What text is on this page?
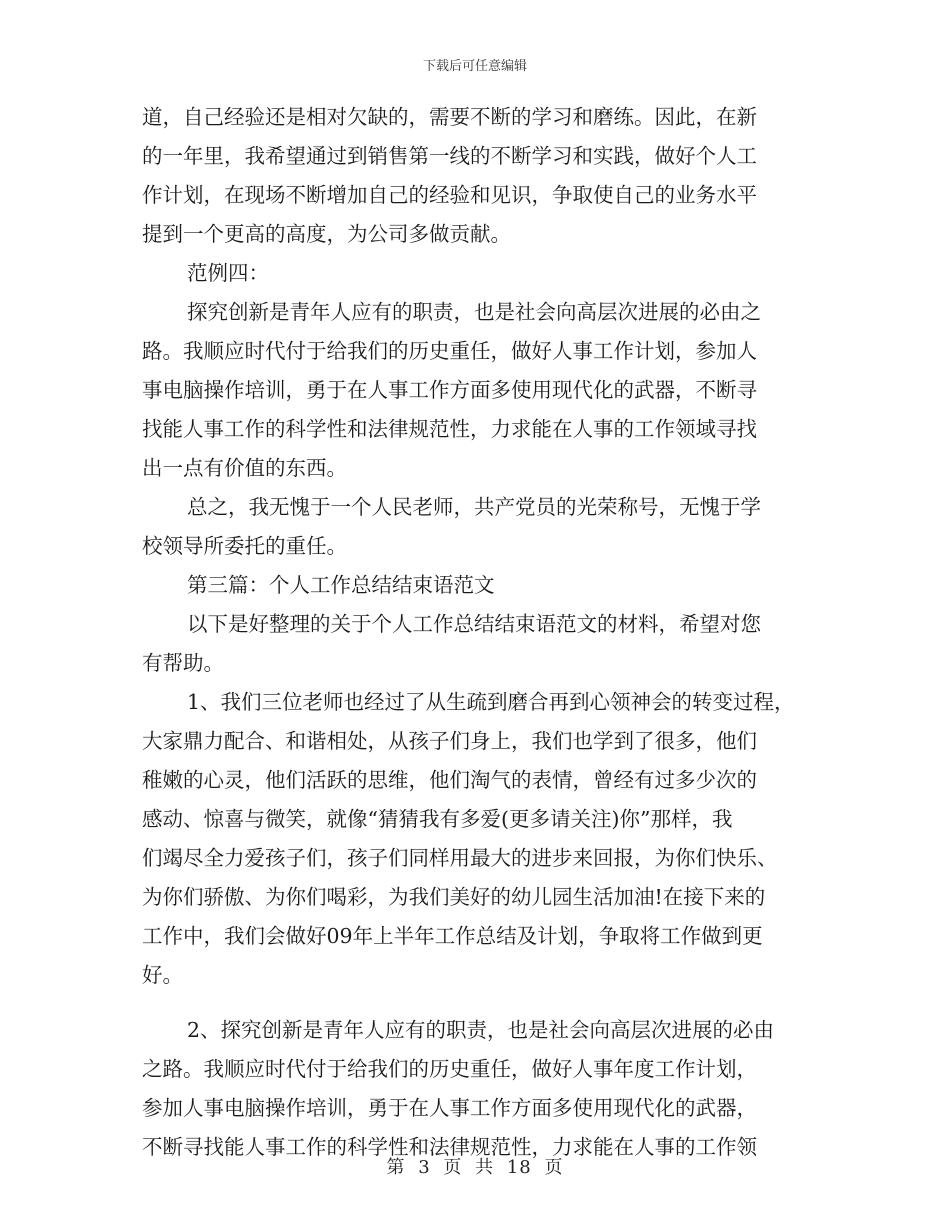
下载后可任意编辑
道，自己经验还是相对欠缺的，需要不断的学习和磨练。因此，在新
的一年里，我希望通过到销售第一线的不断学习和实践，做好个人工
作计划，在现场不断增加自己的经验和见识，争取使自己的业务水平
提到一个更高的高度，为公司多做贡献。
范例四：
探究创新是青年人应有的职责，也是社会向高层次进展的必由之
路。我顺应时代付于给我们的历史重任，做好人事工作计划，参加人
事电脑操作培训，勇于在人事工作方面多使用现代化的武器，不断寻
找能人事工作的科学性和法律规范性，力求能在人事的工作领域寻找
出一点有价值的东西。
总之，我无愧于一个人民老师，共产党员的光荣称号，无愧于学
校领导所委托的重任。
第三篇：个人工作总结结束语范文
以下是好整理的关于个人工作总结结束语范文的材料，希望对您
有帮助。
1、我们三位老师也经过了从生疏到磨合再到心领神会的转变过程，
大家鼎力配合、和谐相处，从孩子们身上，我们也学到了很多，他们
稚嫩的心灵，他们活跃的思维，他们淘气的表情，曾经有过多少次的
感动、惊喜与微笑，就像“猜猜我有多爱(更多请关注)你”那样，我
们竭尽全力爱孩子们，孩子们同样用最大的进步来回报，为你们快乐、
为你们骄傲、为你们喝彩，为我们美好的幼儿园生活加油!在接下来的
工作中，我们会做好09年上半年工作总结及计划，争取将工作做到更
好。
2、探究创新是青年人应有的职责，也是社会向高层次进展的必由
之路。我顺应时代付于给我们的历史重任，做好人事年度工作计划，
参加人事电脑操作培训，勇于在人事工作方面多使用现代化的武器，
不断寻找能人事工作的科学性和法律规范性，力求能在人事的工作领
第 3 页 共 18 页
